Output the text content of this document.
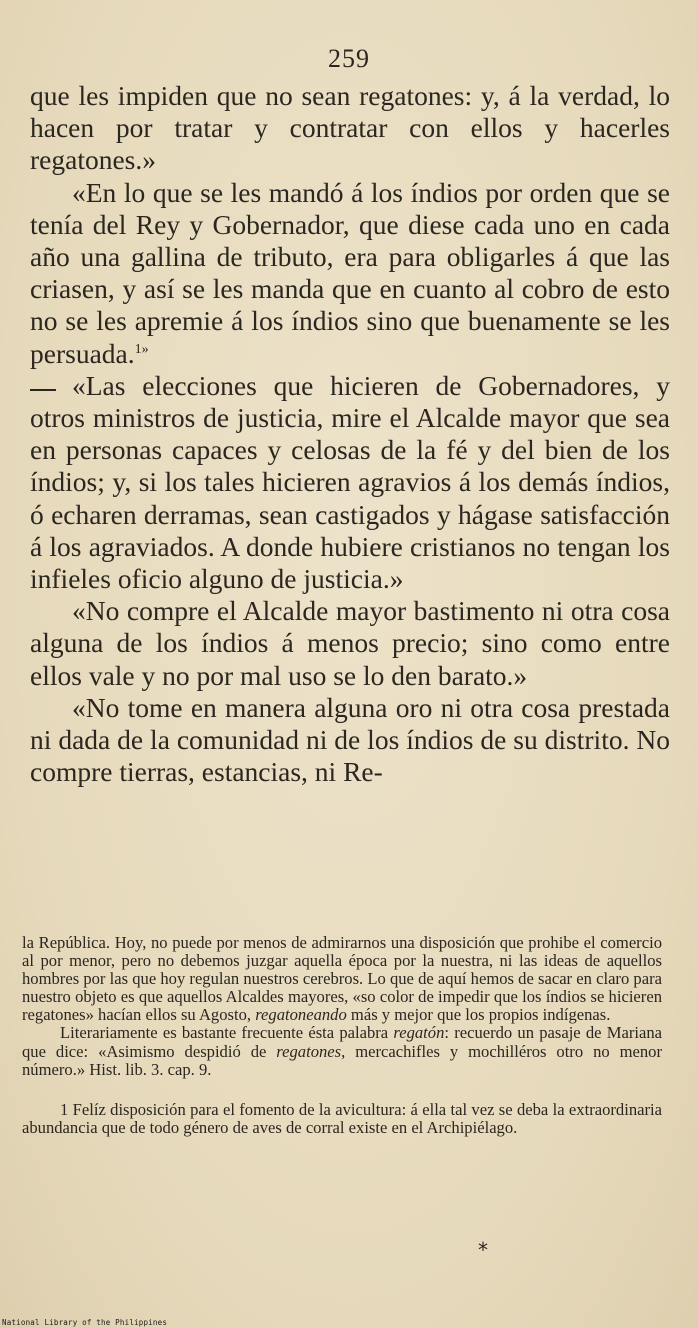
259

que les impiden que no sean regatones: y, á la verdad, lo hacen por tratar y contratar con ellos y hacerles regatones.»

«En lo que se les mandó á los índios por orden que se tenía del Rey y Gobernador, que diese cada uno en cada año una gallina de tributo, era para obligarles á que las criasen, y así se les manda que en cuanto al cobro de esto no se les apremie á los índios sino que buenamente se les persuada.$^{1»}$

«Las elecciones que hicieren de Gobernadores, y otros ministros de justicia, mire el Alcalde mayor que sea en personas capaces y celosas de la fé y del bien de los índios; y, si los tales hicieren agravios á los demás índios, ó echaren derramas, sean castigados y hágase satisfacción á los agraviados. A donde hubiere cristianos no tengan los infieles oficio alguno de justicia.»

«No compre el Alcalde mayor bastimento ni otra cosa alguna de los índios á menos precio; sino como entre ellos vale y no por mal uso se lo den barato.»

«No tome en manera alguna oro ni otra cosa prestada ni dada de la comunidad ni de los índios de su distrito. No compre tierras, estancias, ni Re-

la República. Hoy, no puede por menos de admirarnos una disposición que prohibe el comercio al por menor, pero no debemos juzgar aquella época por la nuestra, ni las ideas de aquellos hombres por las que hoy regulan nuestros cerebros. Lo que de aquí hemos de sacar en claro para nuestro objeto es que aquellos Alcaldes mayores, «so color de impedir que los índios se hicieren regatones» hacían ellos su Agosto, regatoneando más y mejor que los propios indígenas.

Literariamente es bastante frecuente ésta palabra regatón: recuerdo un pasaje de Mariana que dice: «Asimismo despidió de regatones, mercachifles y mochilléros otro no menor número.» Hist. lib. 3. cap. 9.

1 Felíz disposición para el fomento de la avicultura: á ella tal vez se deba la extraordinaria abundancia que de todo género de aves de corral existe en el Archipiélago.

*
National Library of the Philippines
